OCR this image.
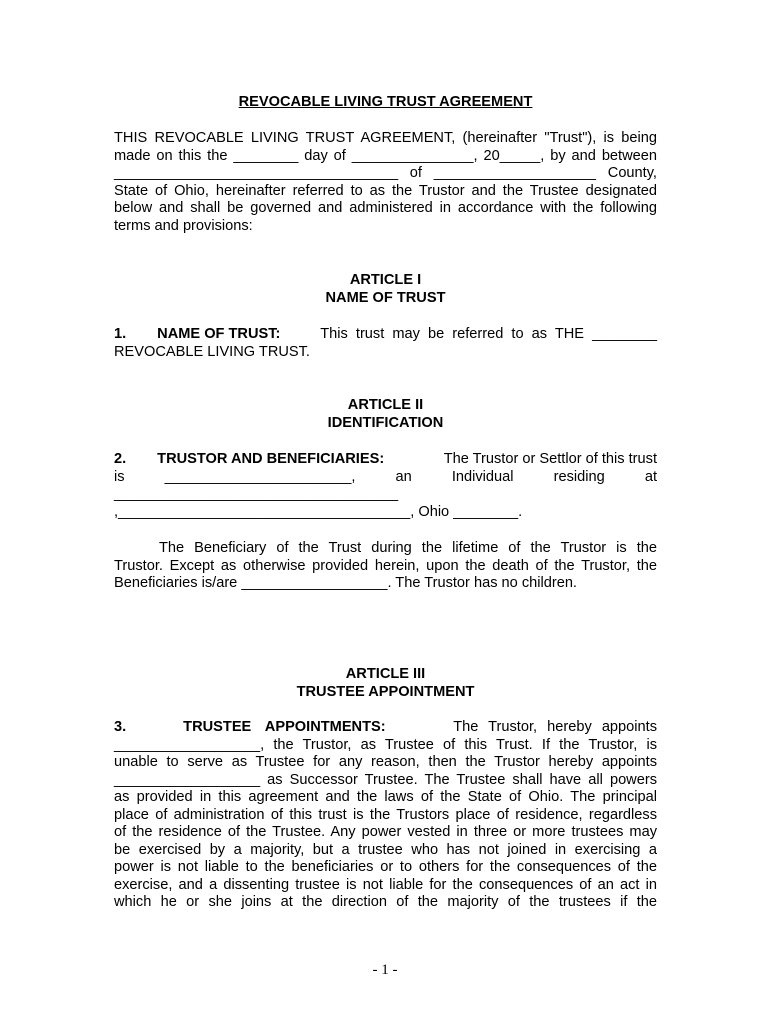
REVOCABLE LIVING TRUST AGREEMENT
THIS REVOCABLE LIVING TRUST AGREEMENT, (hereinafter "Trust"), is being
made on this the ________ day of _______________, 20_____, by and between
___________________________________ of ____________________ County,
State of Ohio, hereinafter referred to as the Trustor and the Trustee designated
below and shall be governed and administered in accordance with the following
terms and provisions:
ARTICLE I
NAME OF TRUST
1. NAME OF TRUST:	This trust may be referred to as THE ________
REVOCABLE LIVING TRUST.
ARTICLE II
IDENTIFICATION
2. TRUSTOR AND BENEFICIARIES:	The Trustor or Settlor of this trust
is _______________________, an Individual residing at
___________________________________
,____________________________________, Ohio ________.
The Beneficiary of the Trust during the lifetime of the Trustor is the
Trustor. Except as otherwise provided herein, upon the death of the Trustor, the
Beneficiaries is/are __________________. The Trustor has no children.
ARTICLE III
TRUSTEE APPOINTMENT
3.	TRUSTEE APPOINTMENTS:	The Trustor, hereby appoints
__________________, the Trustor, as Trustee of this Trust. If the Trustor, is
unable to serve as Trustee for any reason, then the Trustor hereby appoints
__________________ as Successor Trustee. The Trustee shall have all powers
as provided in this agreement and the laws of the State of Ohio. The principal
place of administration of this trust is the Trustors place of residence, regardless
of the residence of the Trustee. Any power vested in three or more trustees may
be exercised by a majority, but a trustee who has not joined in exercising a
power is not liable to the beneficiaries or to others for the consequences of the
exercise, and a dissenting trustee is not liable for the consequences of an act in
which he or she joins at the direction of the majority of the trustees if the
- 1 -
